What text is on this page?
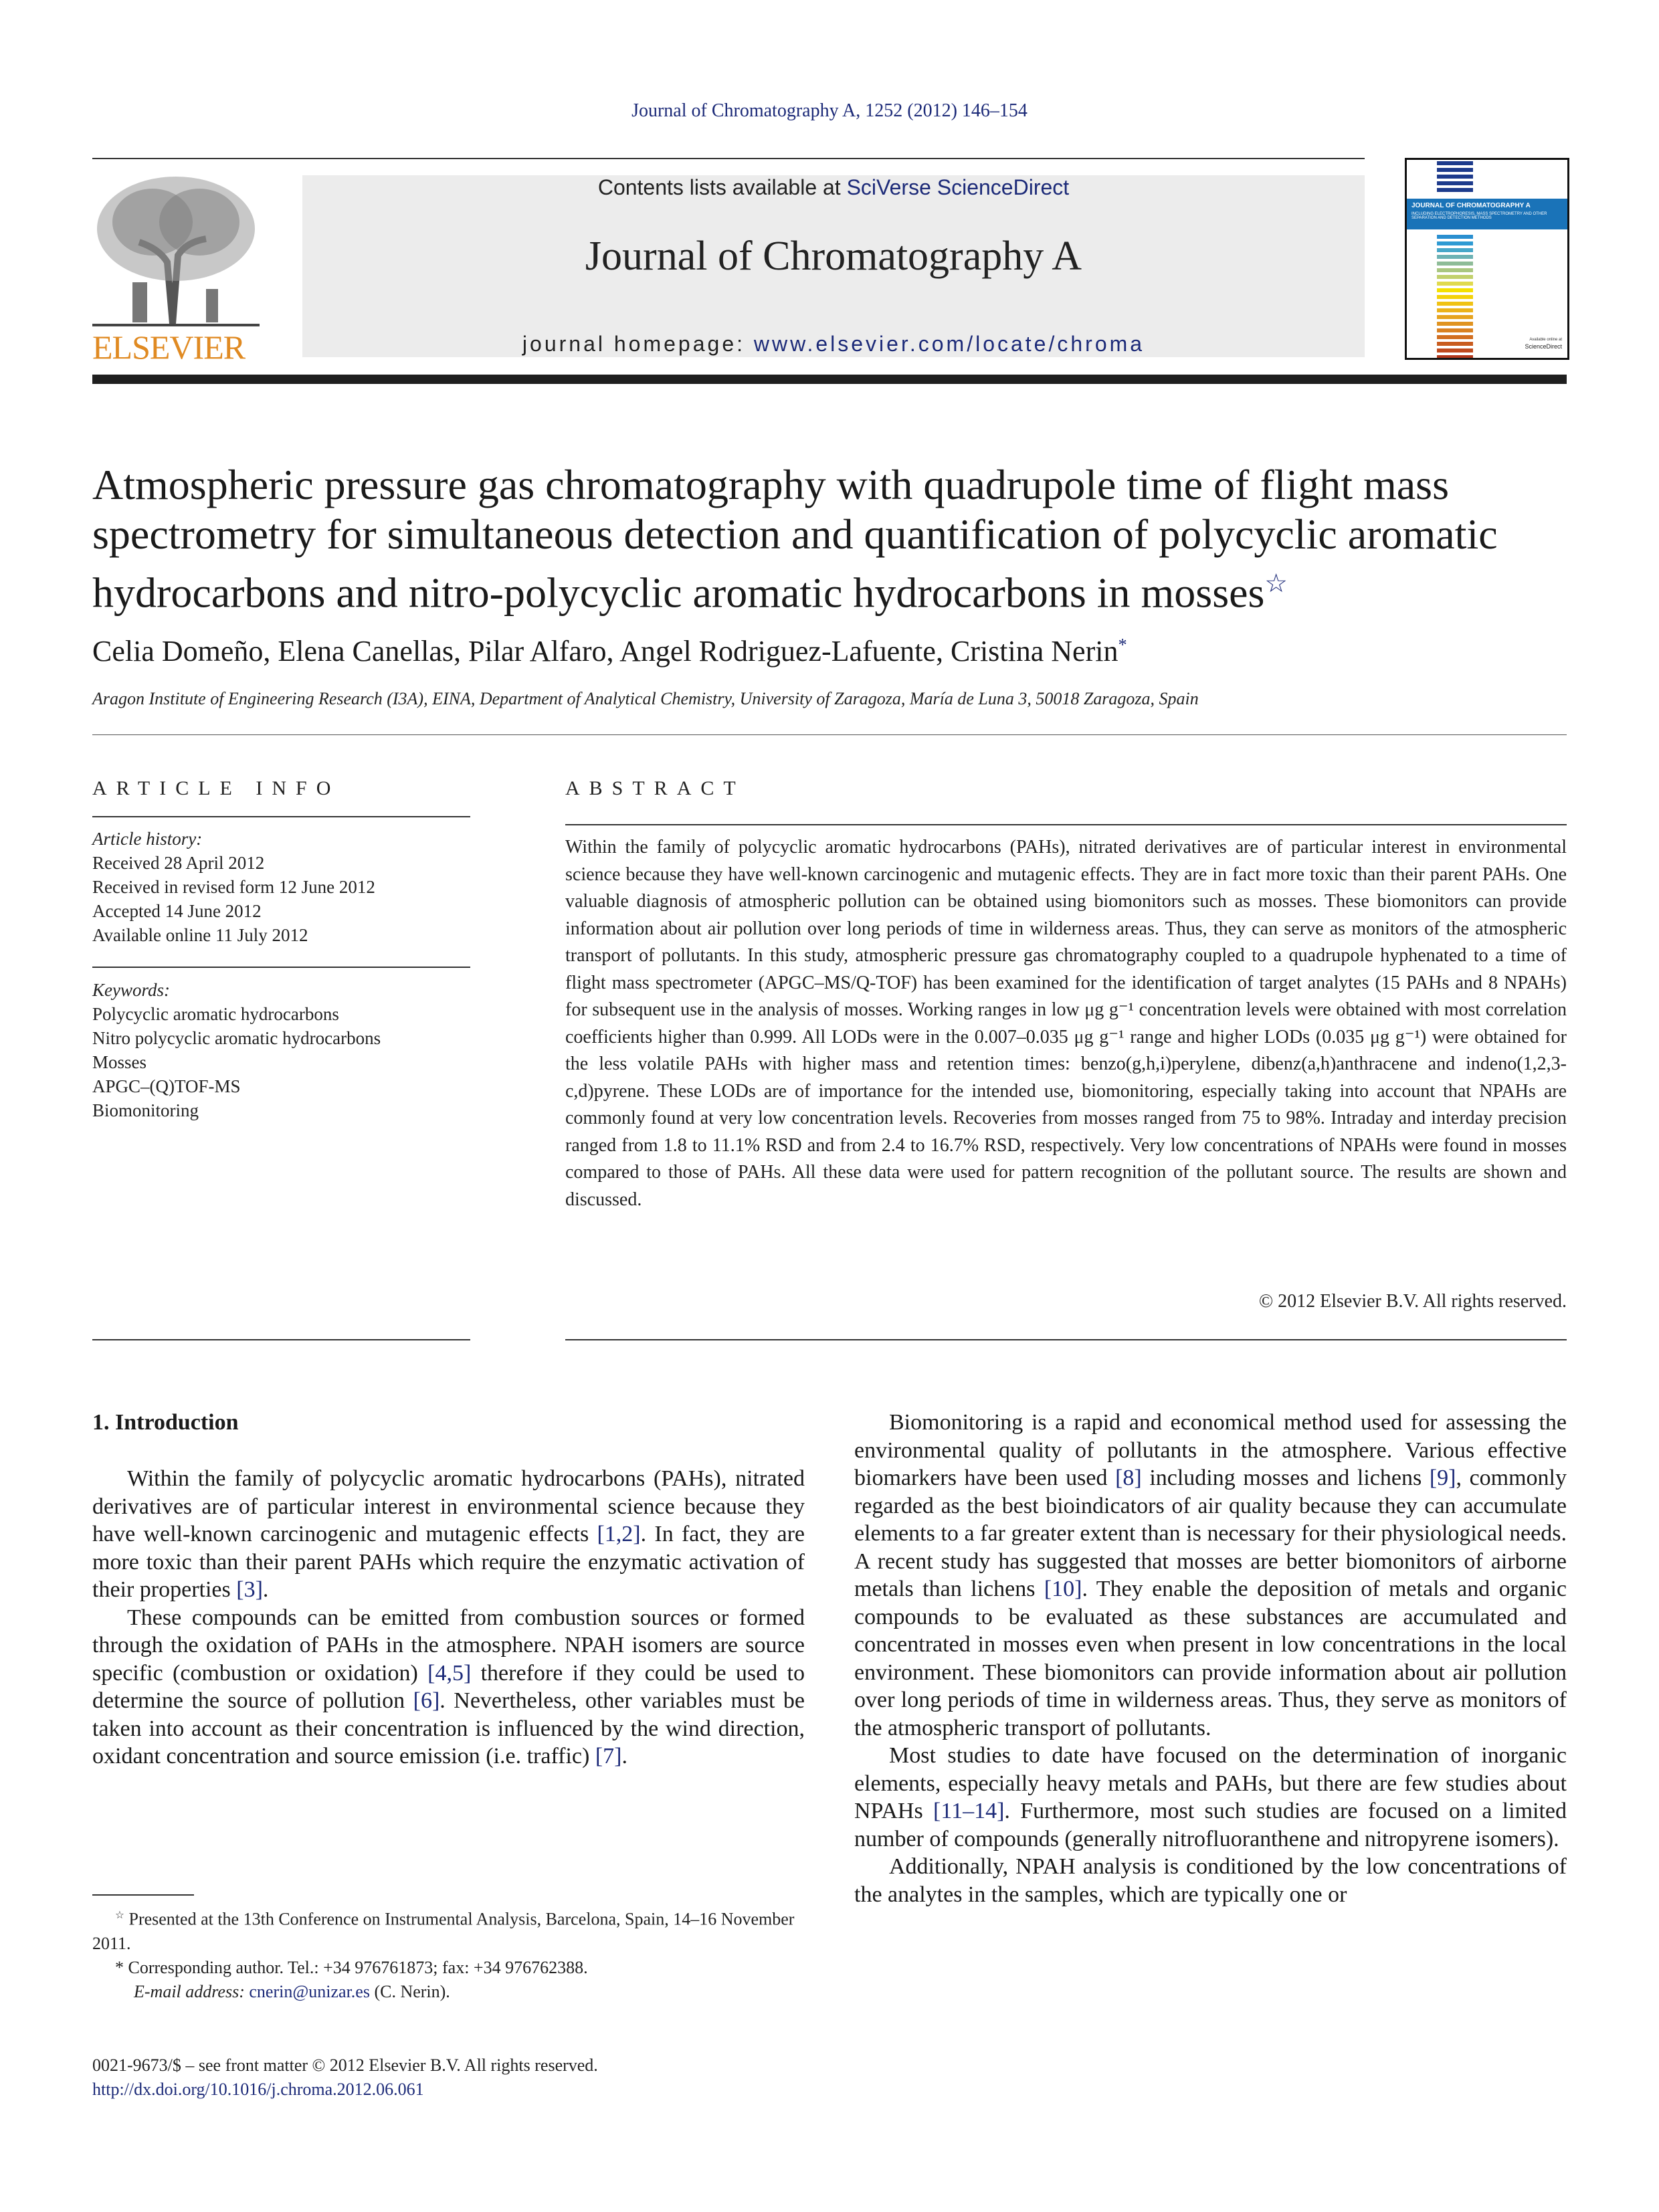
Journal of Chromatography A, 1252 (2012) 146–154
ELSEVIER
Contents lists available at SciVerse ScienceDirect
Journal of Chromatography A
journal homepage: www.elsevier.com/locate/chroma
JOURNAL OF CHROMATOGRAPHY A
INCLUDING ELECTROPHORESIS, MASS SPECTROMETRY AND OTHER SEPARATION AND DETECTION METHODS
Available online at
ScienceDirect
Atmospheric pressure gas chromatography with quadrupole time of flight mass spectrometry for simultaneous detection and quantification of polycyclic aromatic hydrocarbons and nitro-polycyclic aromatic hydrocarbons in mosses☆
Celia Domeño, Elena Canellas, Pilar Alfaro, Angel Rodriguez-Lafuente, Cristina Nerin*
Aragon Institute of Engineering Research (I3A), EINA, Department of Analytical Chemistry, University of Zaragoza, María de Luna 3, 50018 Zaragoza, Spain
ARTICLE INFO
Article history:
Received 28 April 2012
Received in revised form 12 June 2012
Accepted 14 June 2012
Available online 11 July 2012
Keywords:
Polycyclic aromatic hydrocarbons
Nitro polycyclic aromatic hydrocarbons
Mosses
APGC–(Q)TOF-MS
Biomonitoring
ABSTRACT
Within the family of polycyclic aromatic hydrocarbons (PAHs), nitrated derivatives are of particular interest in environmental science because they have well-known carcinogenic and mutagenic effects. They are in fact more toxic than their parent PAHs. One valuable diagnosis of atmospheric pollution can be obtained using biomonitors such as mosses. These biomonitors can provide information about air pollution over long periods of time in wilderness areas. Thus, they can serve as monitors of the atmospheric transport of pollutants. In this study, atmospheric pressure gas chromatography coupled to a quadrupole hyphenated to a time of flight mass spectrometer (APGC–MS/Q-TOF) has been examined for the identification of target analytes (15 PAHs and 8 NPAHs) for subsequent use in the analysis of mosses. Working ranges in low μg g⁻¹ concentration levels were obtained with most correlation coefficients higher than 0.999. All LODs were in the 0.007–0.035 μg g⁻¹ range and higher LODs (0.035 μg g⁻¹) were obtained for the less volatile PAHs with higher mass and retention times: benzo(g,h,i)perylene, dibenz(a,h)anthracene and indeno(1,2,3-c,d)pyrene. These LODs are of importance for the intended use, biomonitoring, especially taking into account that NPAHs are commonly found at very low concentration levels. Recoveries from mosses ranged from 75 to 98%. Intraday and interday precision ranged from 1.8 to 11.1% RSD and from 2.4 to 16.7% RSD, respectively. Very low concentrations of NPAHs were found in mosses compared to those of PAHs. All these data were used for pattern recognition of the pollutant source. The results are shown and discussed.
© 2012 Elsevier B.V. All rights reserved.
1. Introduction

Within the family of polycyclic aromatic hydrocarbons (PAHs), nitrated derivatives are of particular interest in environmental science because they have well-known carcinogenic and mutagenic effects [1,2]. In fact, they are more toxic than their parent PAHs which require the enzymatic activation of their properties [3].

These compounds can be emitted from combustion sources or formed through the oxidation of PAHs in the atmosphere. NPAH isomers are source specific (combustion or oxidation) [4,5] therefore if they could be used to determine the source of pollution [6]. Nevertheless, other variables must be taken into account as their concentration is influenced by the wind direction, oxidant concentration and source emission (i.e. traffic) [7].

Biomonitoring is a rapid and economical method used for assessing the environmental quality of pollutants in the atmosphere. Various effective biomarkers have been used [8] including mosses and lichens [9], commonly regarded as the best bioindicators of air quality because they can accumulate elements to a far greater extent than is necessary for their physiological needs. A recent study has suggested that mosses are better biomonitors of airborne metals than lichens [10]. They enable the deposition of metals and organic compounds to be evaluated as these substances are accumulated and concentrated in mosses even when present in low concentrations in the local environment. These biomonitors can provide information about air pollution over long periods of time in wilderness areas. Thus, they serve as monitors of the atmospheric transport of pollutants.

Most studies to date have focused on the determination of inorganic elements, especially heavy metals and PAHs, but there are few studies about NPAHs [11–14]. Furthermore, most such studies are focused on a limited number of compounds (generally nitrofluoranthene and nitropyrene isomers).

Additionally, NPAH analysis is conditioned by the low concentrations of the analytes in the samples, which are typically one or

☆ Presented at the 13th Conference on Instrumental Analysis, Barcelona, Spain, 14–16 November 2011.
* Corresponding author. Tel.: +34 976761873; fax: +34 976762388.
E-mail address: cnerin@unizar.es (C. Nerin).
0021-9673/$ – see front matter © 2012 Elsevier B.V. All rights reserved.
http://dx.doi.org/10.1016/j.chroma.2012.06.061
